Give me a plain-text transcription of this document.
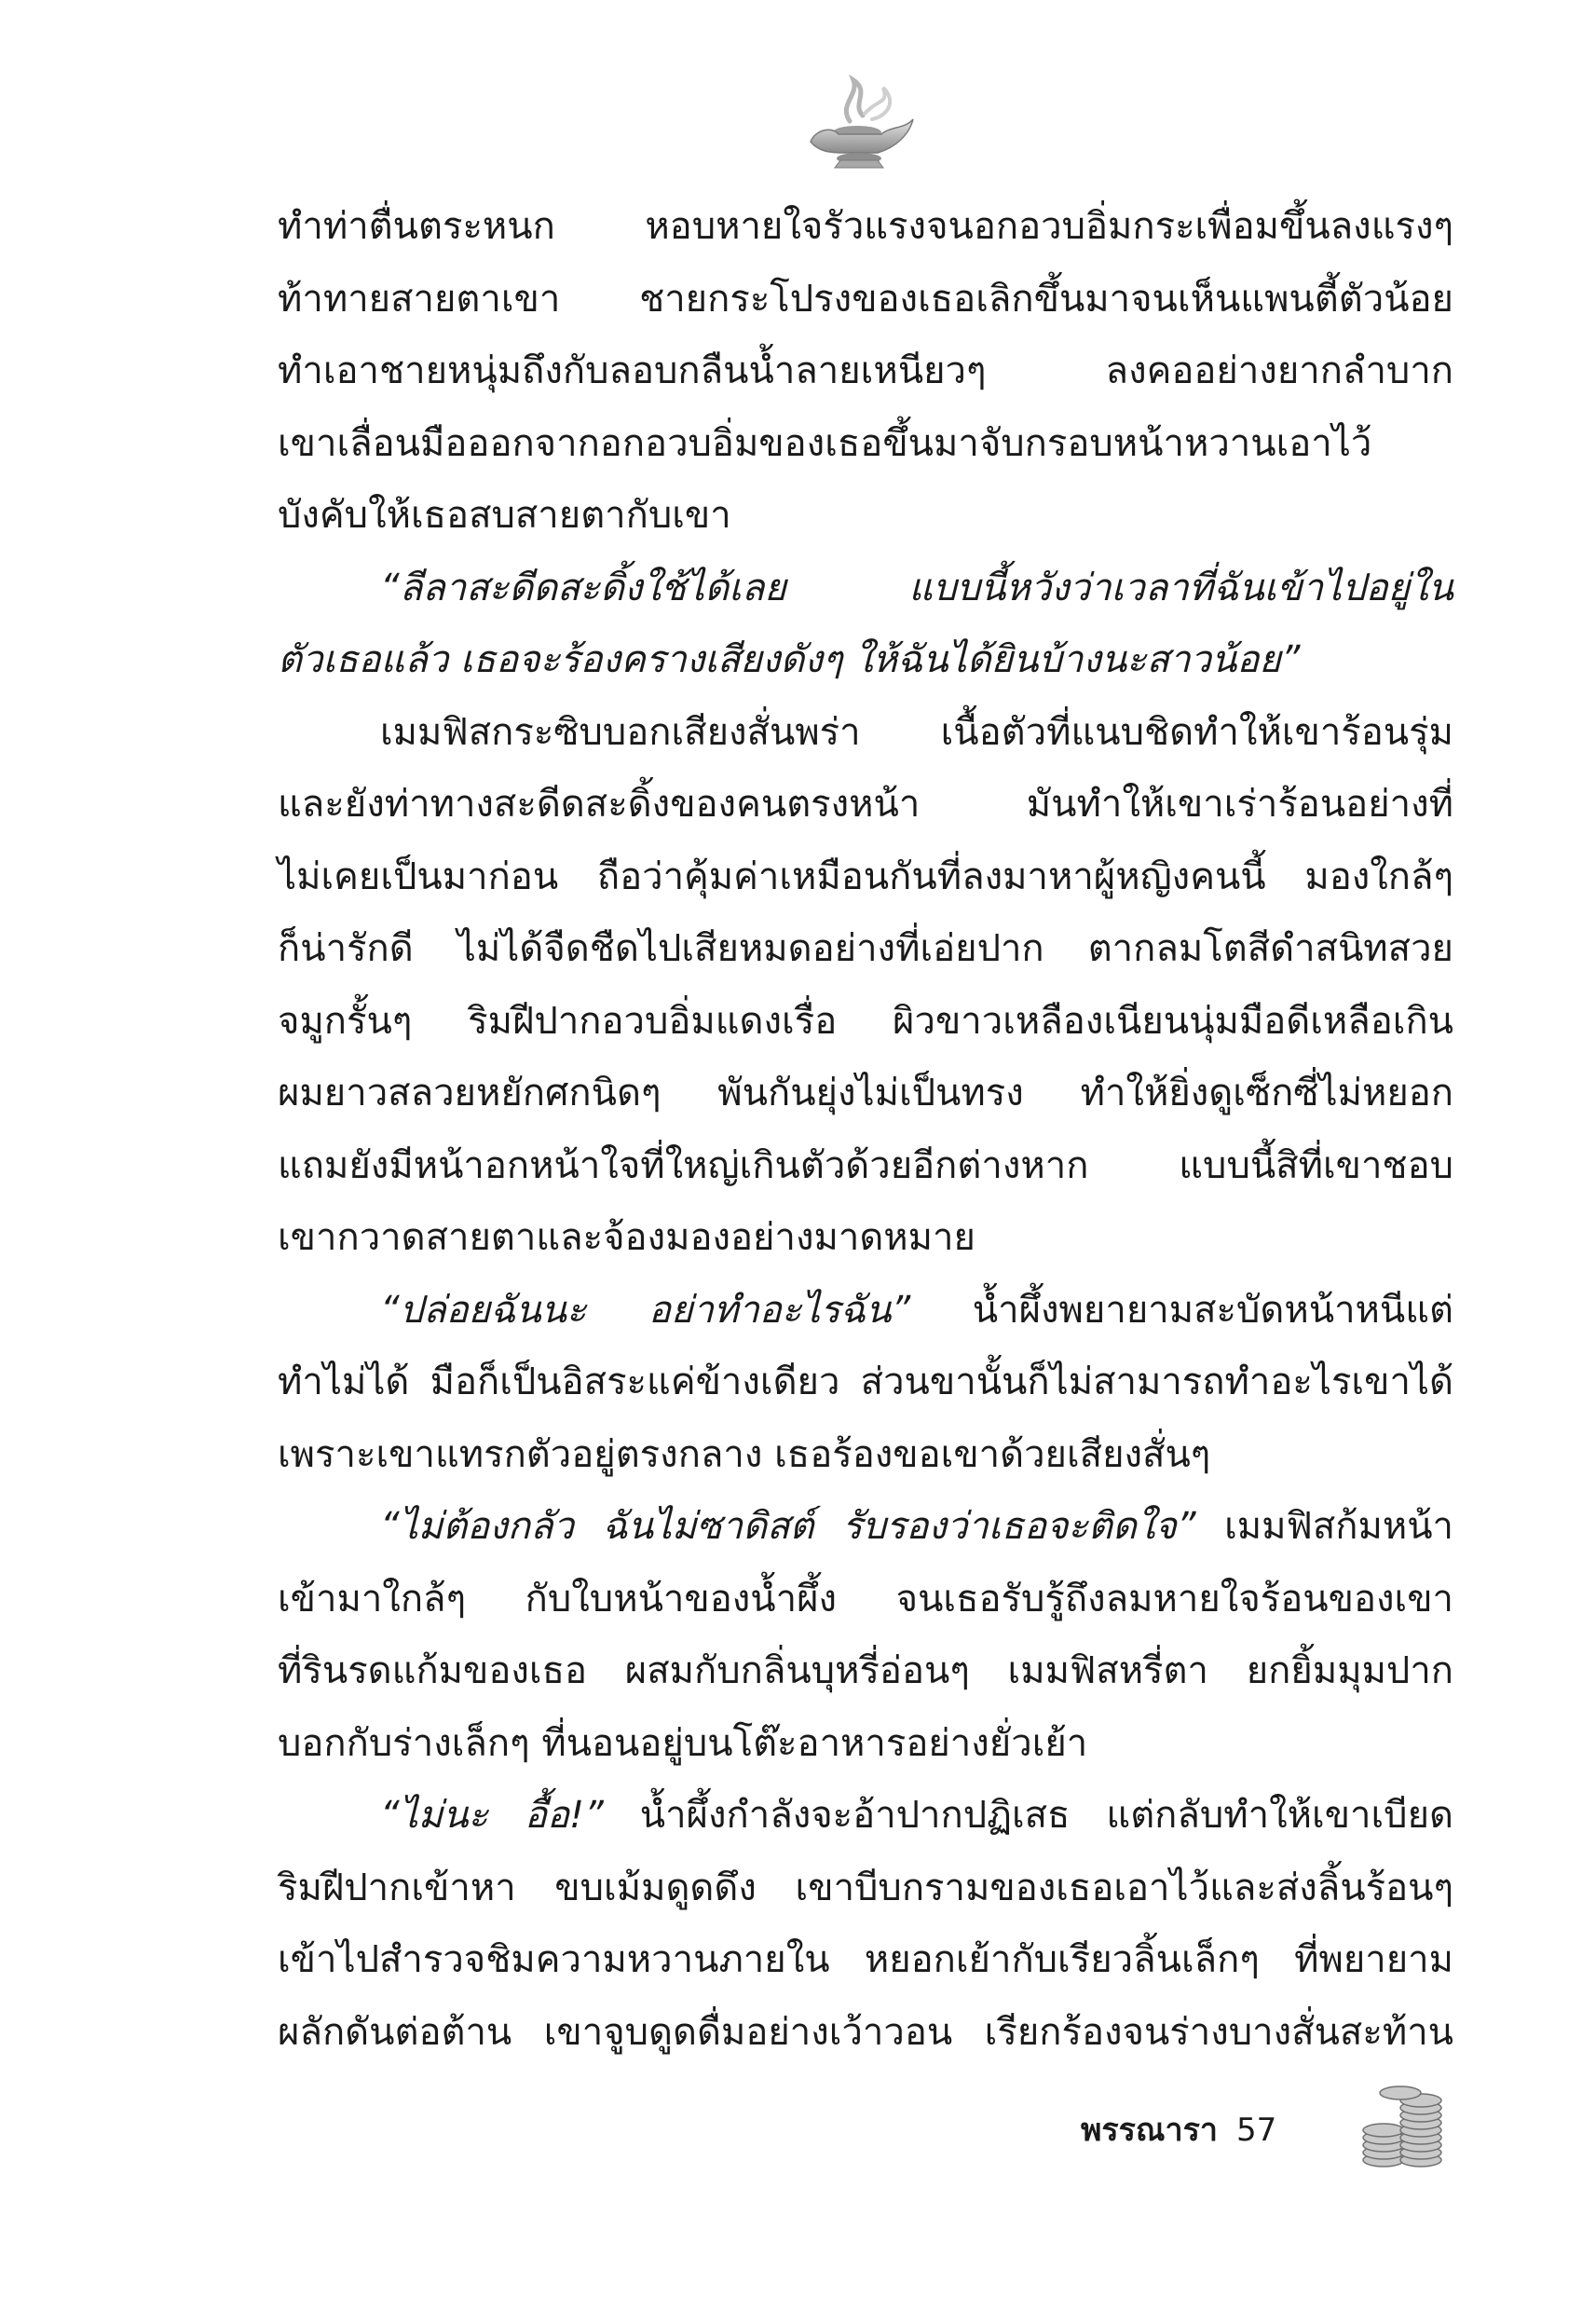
ทำท่าตื่นตระหนก หอบหายใจรัวแรงจนอกอวบอิ่มกระเพื่อมขึ้นลงแรงๆ
ท้าทายสายตาเขา ชายกระโปรงของเธอเลิกขึ้นมาจนเห็นแพนตี้ตัวน้อย
ทำเอาชายหนุ่มถึงกับลอบกลืนน้ำลายเหนียวๆ ลงคออย่างยากลำบาก
เขาเลื่อนมือออกจากอกอวบอิ่มของเธอขึ้นมาจับกรอบหน้าหวานเอาไว้
บังคับให้เธอสบสายตากับเขา
“ลีลาสะดีดสะดิ้งใช้ได้เลย แบบนี้หวังว่าเวลาที่ฉันเข้าไปอยู่ใน
ตัวเธอแล้ว เธอจะร้องครางเสียงดังๆ ให้ฉันได้ยินบ้างนะสาวน้อย”
เมมฟิสกระซิบบอกเสียงสั่นพร่า เนื้อตัวที่แนบชิดทำให้เขาร้อนรุ่ม
และยังท่าทางสะดีดสะดิ้งของคนตรงหน้า มันทำให้เขาเร่าร้อนอย่างที่
ไม่เคยเป็นมาก่อน ถือว่าคุ้มค่าเหมือนกันที่ลงมาหาผู้หญิงคนนี้ มองใกล้ๆ
ก็น่ารักดี ไม่ได้จืดชืดไปเสียหมดอย่างที่เอ่ยปาก ตากลมโตสีดำสนิทสวย
จมูกรั้นๆ ริมฝีปากอวบอิ่มแดงเรื่อ ผิวขาวเหลืองเนียนนุ่มมือดีเหลือเกิน
ผมยาวสลวยหยักศกนิดๆ พันกันยุ่งไม่เป็นทรง ทำให้ยิ่งดูเซ็กซี่ไม่หยอก
แถมยังมีหน้าอกหน้าใจที่ใหญ่เกินตัวด้วยอีกต่างหาก แบบนี้สิที่เขาชอบ
เขากวาดสายตาและจ้องมองอย่างมาดหมาย
“ปล่อยฉันนะ อย่าทำอะไรฉัน” น้ำผึ้งพยายามสะบัดหน้าหนีแต่
ทำไม่ได้ มือก็เป็นอิสระแค่ข้างเดียว ส่วนขานั้นก็ไม่สามารถทำอะไรเขาได้
เพราะเขาแทรกตัวอยู่ตรงกลาง เธอร้องขอเขาด้วยเสียงสั่นๆ
“ไม่ต้องกลัว ฉันไม่ซาดิสต์ รับรองว่าเธอจะติดใจ” เมมฟิสก้มหน้า
เข้ามาใกล้ๆ กับใบหน้าของน้ำผึ้ง จนเธอรับรู้ถึงลมหายใจร้อนของเขา
ที่รินรดแก้มของเธอ ผสมกับกลิ่นบุหรี่อ่อนๆ เมมฟิสหรี่ตา ยกยิ้มมุมปาก
บอกกับร่างเล็กๆ ที่นอนอยู่บนโต๊ะอาหารอย่างยั่วเย้า
“ไม่นะ อื้อ!” น้ำผึ้งกำลังจะอ้าปากปฏิเสธ แต่กลับทำให้เขาเบียด
ริมฝีปากเข้าหา ขบเม้มดูดดึง เขาบีบกรามของเธอเอาไว้และส่งลิ้นร้อนๆ
เข้าไปสำรวจชิมความหวานภายใน หยอกเย้ากับเรียวลิ้นเล็กๆ ที่พยายาม
ผลักดันต่อต้าน เขาจูบดูดดื่มอย่างเว้าวอน เรียกร้องจนร่างบางสั่นสะท้าน
พรรณารา 57
